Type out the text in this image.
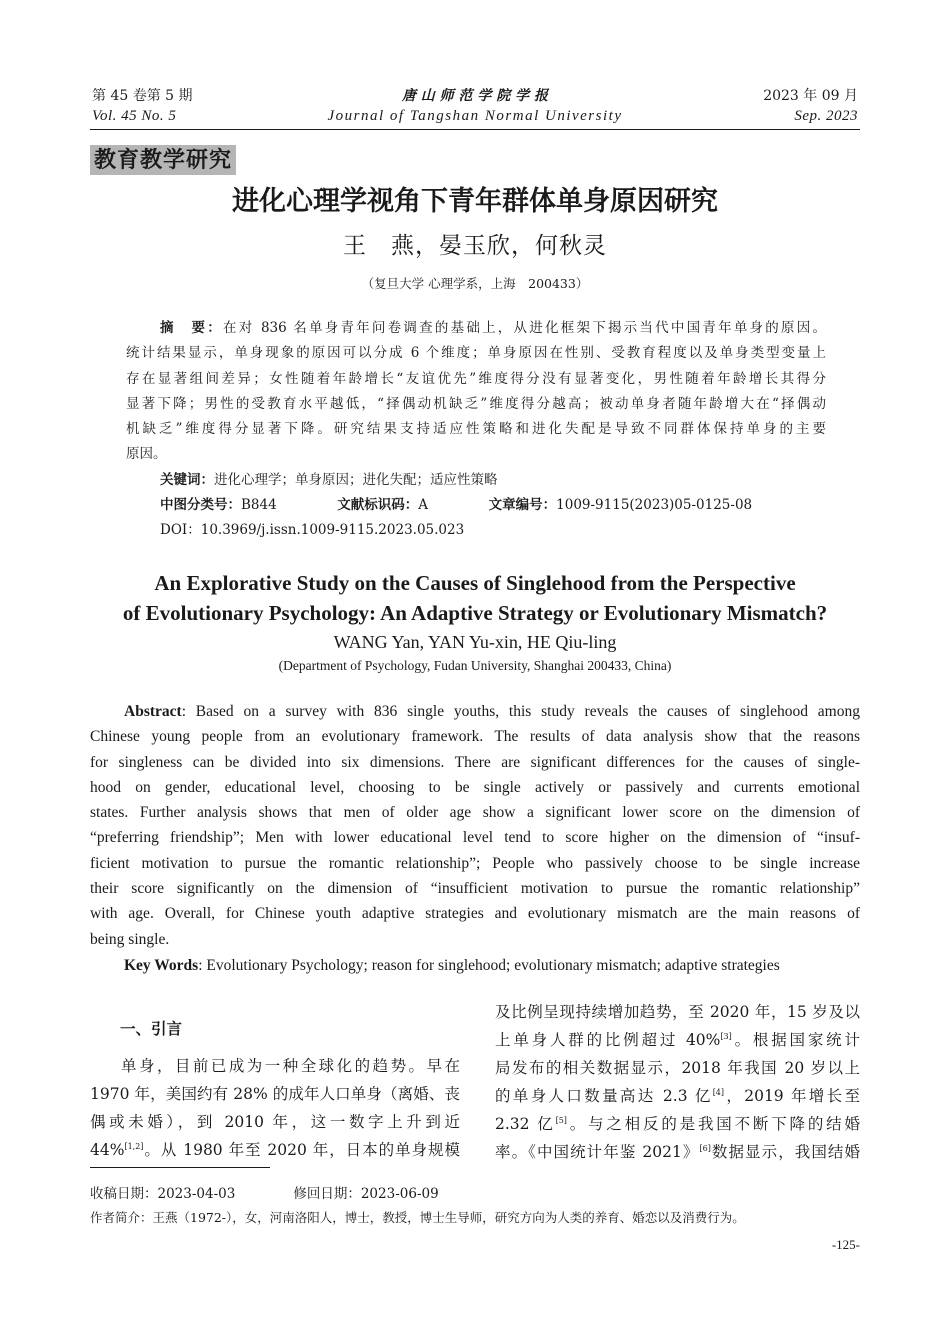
第 45 卷第 5 期
Vol. 45 No. 5
唐 山 师 范 学 院 学 报
Journal of Tangshan Normal University
2023 年 09 月
Sep. 2023
教育教学研究
进化心理学视角下青年群体单身原因研究
王　燕，晏玉欣，何秋灵
（复旦大学 心理学系，上海　200433）
摘　要：在对 836 名单身青年问卷调查的基础上，从进化框架下揭示当代中国青年单身的原因。
统计结果显示，单身现象的原因可以分成 6 个维度；单身原因在性别、受教育程度以及单身类型变量上
存在显著组间差异；女性随着年龄增长“友谊优先”维度得分没有显著变化，男性随着年龄增长其得分
显著下降；男性的受教育水平越低，“择偶动机缺乏”维度得分越高；被动单身者随年龄增大在“择偶动
机缺乏”维度得分显著下降。研究结果支持适应性策略和进化失配是导致不同群体保持单身的主要
原因。
关键词：进化心理学；单身原因；进化失配；适应性策略
中图分类号：B844	文献标识码：A	文章编号：1009-9115(2023)05-0125-08
DOI：10.3969/j.issn.1009-9115.2023.05.023
An Explorative Study on the Causes of Singlehood from the Perspective
of Evolutionary Psychology: An Adaptive Strategy or Evolutionary Mismatch?
WANG Yan, YAN Yu-xin, HE Qiu-ling
(Department of Psychology, Fudan University, Shanghai 200433, China)
Abstract: Based on a survey with 836 single youths, this study reveals the causes of singlehood among
Chinese young people from an evolutionary framework. The results of data analysis show that the reasons
for singleness can be divided into six dimensions. There are significant differences for the causes of single-
hood on gender, educational level, choosing to be single actively or passively and currents emotional
states. Further analysis shows that men of older age show a significant lower score on the dimension of
“preferring friendship”; Men with lower educational level tend to score higher on the dimension of “insuf-
ficient motivation to pursue the romantic relationship”; People who passively choose to be single increase
their score significantly on the dimension of “insufficient motivation to pursue the romantic relationship”
with age. Overall, for Chinese youth adaptive strategies and evolutionary mismatch are the main reasons of
being single.
Key Words: Evolutionary Psychology; reason for singlehood; evolutionary mismatch; adaptive strategies
一、引言
单身，目前已成为一种全球化的趋势。早在
1970 年，美国约有 28% 的成年人口单身（离婚、丧
偶或未婚），到 2010 年，这一数字上升到近
44%[1,2]。从 1980 年至 2020 年，日本的单身规模
及比例呈现持续增加趋势，至 2020 年，15 岁及以
上单身人群的比例超过 40%[3]。根据国家统计
局发布的相关数据显示，2018 年我国 20 岁以上
的单身人口数量高达 2.3 亿[4]，2019 年增长至
2.32 亿[5]。与之相反的是我国不断下降的结婚
率。《中国统计年鉴 2021》[6]数据显示，我国结婚
收稿日期：2023-04-03	修回日期：2023-06-09
作者简介：王燕（1972-），女，河南洛阳人，博士，教授，博士生导师，研究方向为人类的养育、婚恋以及消费行为。
-125-
